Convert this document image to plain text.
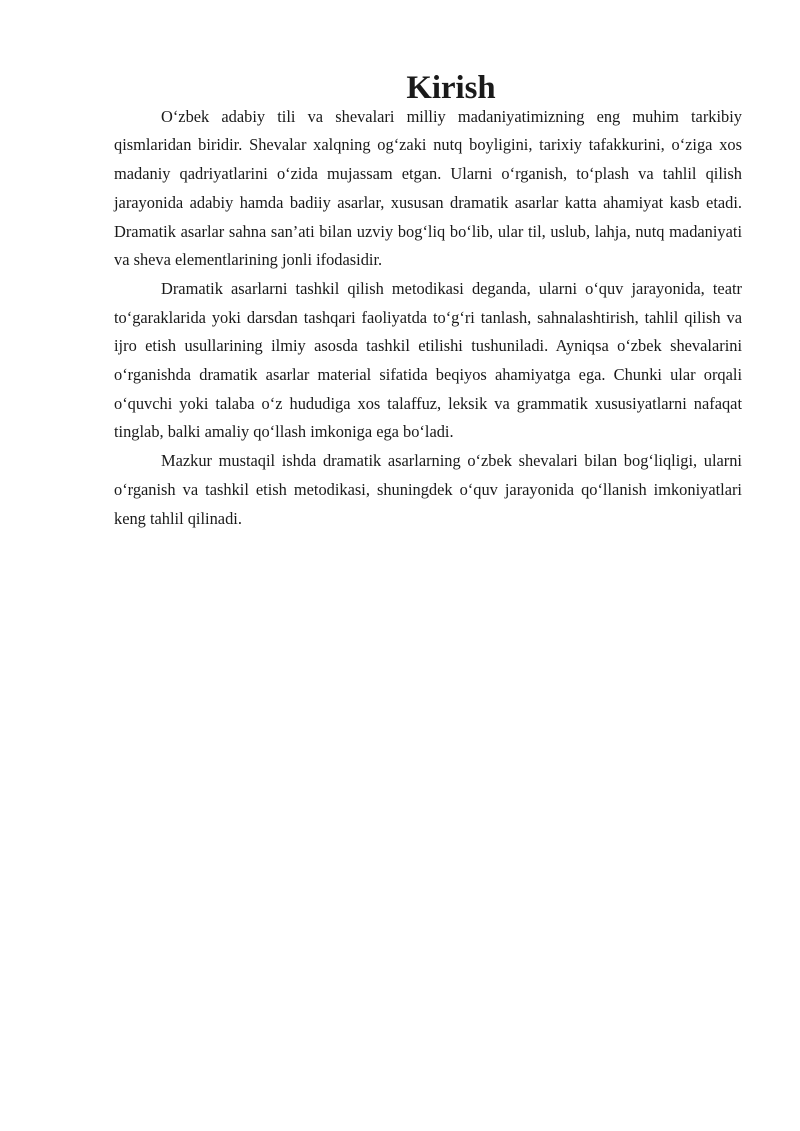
Kirish

O‘zbek adabiy tili va shevalari milliy madaniyatimizning eng muhim tarkibiy qismlaridan biridir. Shevalar xalqning og‘zaki nutq boyligini, tarixiy tafakkurini, o‘ziga xos madaniy qadriyatlarini o‘zida mujassam etgan. Ularni o‘rganish, to‘plash va tahlil qilish jarayonida adabiy hamda badiiy asarlar, xususan dramatik asarlar katta ahamiyat kasb etadi. Dramatik asarlar sahna san’ati bilan uzviy bog‘liq bo‘lib, ular til, uslub, lahja, nutq madaniyati va sheva elementlarining jonli ifodasidir.

Dramatik asarlarni tashkil qilish metodikasi deganda, ularni o‘quv jarayonida, teatr to‘garaklarida yoki darsdan tashqari faoliyatda to‘g‘ri tanlash, sahnalashtirish, tahlil qilish va ijro etish usullarining ilmiy asosda tashkil etilishi tushuniladi. Ayniqsa o‘zbek shevalarini o‘rganishda dramatik asarlar material sifatida beqiyos ahamiyatga ega. Chunki ular orqali o‘quvchi yoki talaba o‘z hududiga xos talaffuz, leksik va grammatik xususiyatlarni nafaqat tinglab, balki amaliy qo‘llash imkoniga ega bo‘ladi.

Mazkur mustaqil ishda dramatik asarlarning o‘zbek shevalari bilan bog‘liqligi, ularni o‘rganish va tashkil etish metodikasi, shuningdek o‘quv jarayonida qo‘llanish imkoniyatlari keng tahlil qilinadi.
